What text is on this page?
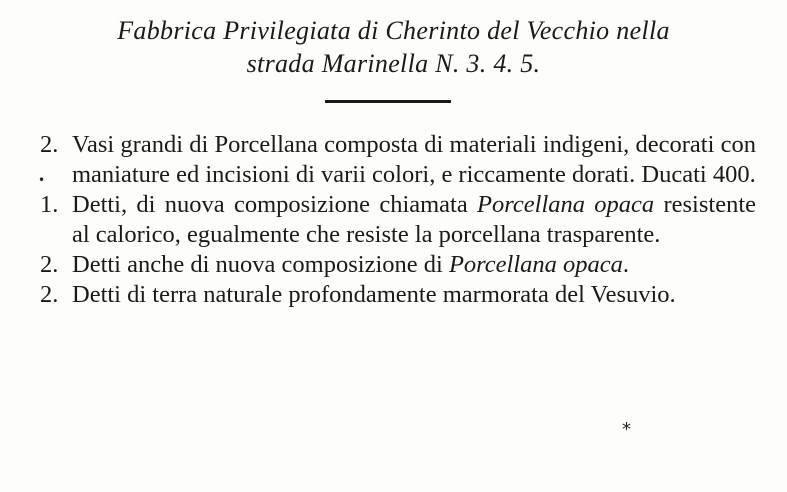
Fabbrica Privilegiata di Cherinto del Vecchio nella
strada Marinella N. 3. 4. 5.
2. Vasi grandi di Porcellana composta di materiali indigeni, decorati con maniature ed incisioni di varii colori, e riccamente dorati. Ducati 400.
1. Detti, di nuova composizione chiamata Porcellana opaca resistente al calorico, egualmente che resiste la porcellana trasparente.
2. Detti anche di nuova composizione di Porcellana opaca.
2. Detti di terra naturale profondamente marmorata del Vesuvio.
*
•
